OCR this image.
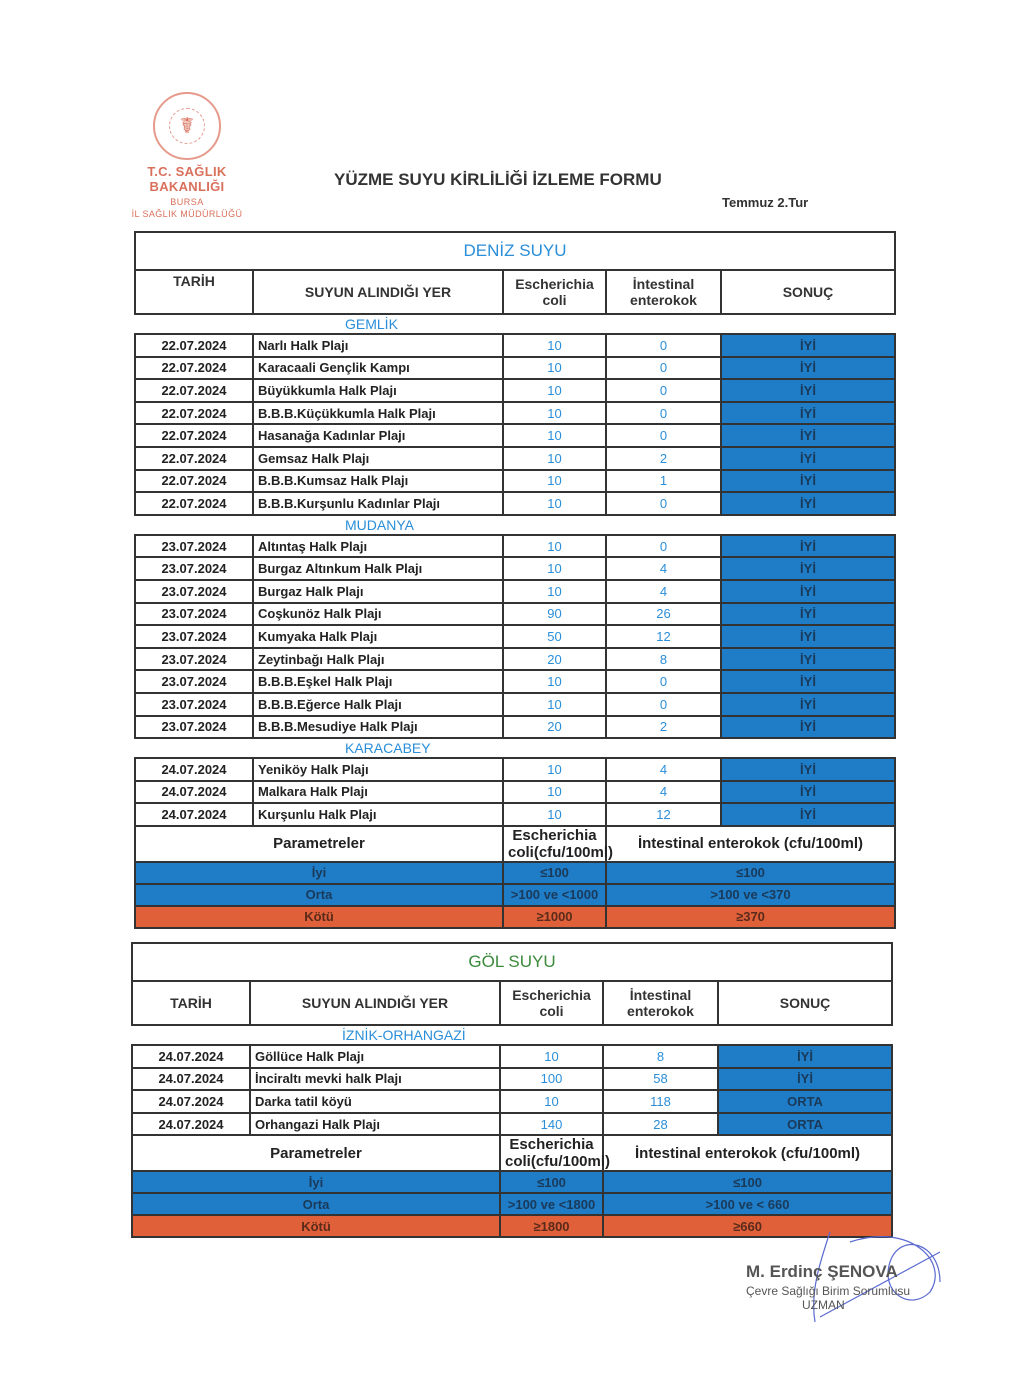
☤
T.C. SAĞLIK BAKANLIĞI
BURSA
İL SAĞLIK MÜDÜRLÜĞÜ
YÜZME SUYU KİRLİLİĞİ İZLEME FORMU
Temmuz 2.Tur
DENİZ SUYU				
TARİH	SUYUN ALINDIĞI YER	Escherichia coli	İntestinal enterokok	SONUÇ
GEMLİK				
22.07.2024	Narlı Halk Plajı	10	0	İYİ
22.07.2024	Karacaali Gençlik Kampı	10	0	İYİ
22.07.2024	Büyükkumla Halk Plajı	10	0	İYİ
22.07.2024	B.B.B.Küçükkumla Halk Plajı	10	0	İYİ
22.07.2024	Hasanağa Kadınlar Plajı	10	0	İYİ
22.07.2024	Gemsaz Halk Plajı	10	2	İYİ
22.07.2024	B.B.B.Kumsaz Halk Plajı	10	1	İYİ
22.07.2024	B.B.B.Kurşunlu Kadınlar Plajı	10	0	İYİ
MUDANYA				
23.07.2024	Altıntaş Halk Plajı	10	0	İYİ
23.07.2024	Burgaz Altınkum Halk Plajı	10	4	İYİ
23.07.2024	Burgaz Halk Plajı	10	4	İYİ
23.07.2024	Coşkunöz Halk Plajı	90	26	İYİ
23.07.2024	Kumyaka Halk Plajı	50	12	İYİ
23.07.2024	Zeytinbağı Halk Plajı	20	8	İYİ
23.07.2024	B.B.B.Eşkel Halk Plajı	10	0	İYİ
23.07.2024	B.B.B.Eğerce Halk Plajı	10	0	İYİ
23.07.2024	B.B.B.Mesudiye Halk Plajı	20	2	İYİ
KARACABEY				
24.07.2024	Yeniköy Halk Plajı	10	4	İYİ
24.07.2024	Malkara Halk Plajı	10	4	İYİ
24.07.2024	Kurşunlu Halk Plajı	10	12	İYİ
Parametreler		Escherichia coli(cfu/100ml)	İntestinal enterokok (cfu/100ml)	
İyi		≤100	≤100	
Orta		>100 ve <1000	>100 ve <370	
Kötü		≥1000	≥370	
GÖL SUYU				
TARİH	SUYUN ALINDIĞI YER	Escherichia coli	İntestinal enterokok	SONUÇ
İZNİK-ORHANGAZİ				
24.07.2024	Göllüce Halk Plajı	10	8	İYİ
24.07.2024	İnciraltı mevki halk Plajı	100	58	İYİ
24.07.2024	Darka tatil köyü	10	118	ORTA
24.07.2024	Orhangazi Halk Plajı	140	28	ORTA
Parametreler		Escherichia coli(cfu/100ml)	İntestinal enterokok (cfu/100ml)	
İyi		≤100	≤100	
Orta		>100 ve <1800	>100 ve < 660	
Kötü		≥1800	≥660	
M. Erdinç ŞENOVA
Çevre Sağlığı Birim Sorumlusu
UZMAN
